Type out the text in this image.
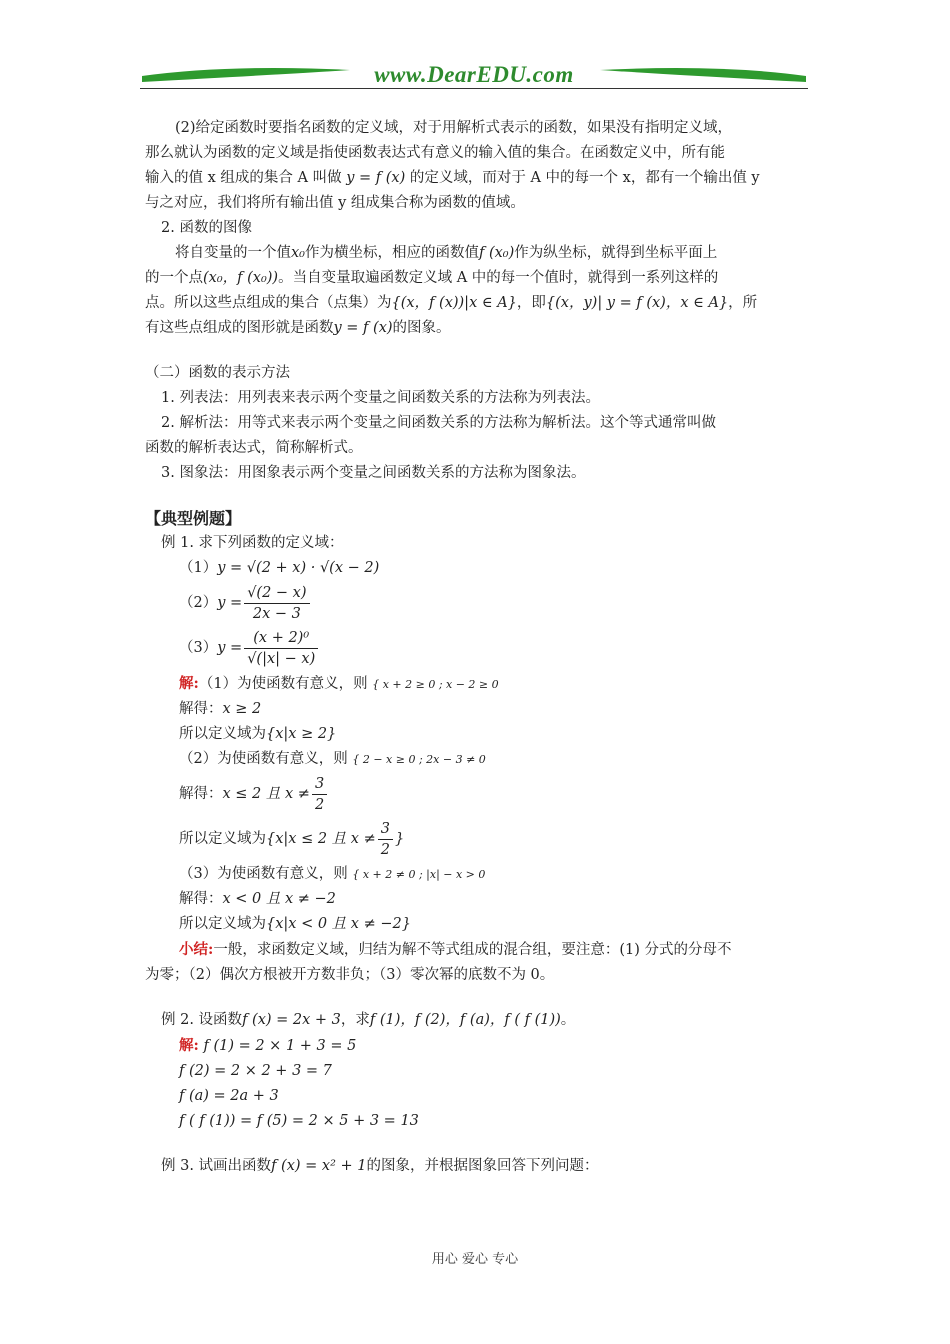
www.DearEDU.com

(2)给定函数时要指名函数的定义域，对于用解析式表示的函数，如果没有指明定义域，

那么就认为函数的定义域是指使函数表达式有意义的输入值的集合。在函数定义中，所有能

输入的值 x 组成的集合 A 叫做 y = f (x) 的定义域，而对于 A 中的每一个 x，都有一个输出值 y

与之对应，我们将所有输出值 y 组成集合称为函数的值域。

2. 函数的图像

将自变量的一个值x₀作为横坐标，相应的函数值f (x₀)作为纵坐标，就得到坐标平面上

的一个点(x₀，f (x₀))。当自变量取遍函数定义域 A 中的每一个值时，就得到一系列这样的

点。所以这些点组成的集合（点集）为{(x，f (x))|x ∈ A}，即{(x，y)| y = f (x)，x ∈ A}，所

有这些点组成的图形就是函数y = f (x)的图象。

（二）函数的表示方法

1. 列表法：用列表来表示两个变量之间函数关系的方法称为列表法。

2. 解析法：用等式来表示两个变量之间函数关系的方法称为解析法。这个等式通常叫做

函数的解析表达式，简称解析式。

3. 图象法：用图象表示两个变量之间函数关系的方法称为图象法。

【典型例题】

例 1. 求下列函数的定义域：

（1）y = √(2 + x) · √(x − 2)

$(2)y = \frac{√(2 - x)}{2x - 3}$

$(3)y = \frac{\text{(x + 2)⁰}}{√(|x| - x)}$

解:（1）为使函数有意义，则 { x + 2 ≥ 0 ; x − 2 ≥ 0

解得：x ≥ 2

所以定义域为{x|x ≥ 2}

（2）为使函数有意义，则 { 2 − x ≥ 0 ; 2x − 3 ≠ 0

解得：x ≤ 2 且 $x \ne \frac{3}{2}$

所以定义域为{x|x ≤ 2 且 $x \ne \frac{3}{2}$ }

（3）为使函数有意义，则 { x + 2 ≠ 0 ; |x| − x > 0

解得：x < 0 且 x ≠ −2

所以定义域为{x|x < 0 且 x ≠ −2}

小结:一般，求函数定义域，归结为解不等式组成的混合组，要注意：(1) 分式的分母不

为零；（2）偶次方根被开方数非负；（3）零次幂的底数不为 0。

例 2. 设函数f (x) = 2x + 3，求f (1)，f (2)，f (a)，f ( f (1))。

解: f (1) = 2 × 1 + 3 = 5

f (2) = 2 × 2 + 3 = 7

f (a) = 2a + 3

f ( f (1)) = f (5) = 2 × 5 + 3 = 13

例 3. 试画出函数f (x) = x² + 1的图象，并根据图象回答下列问题：

用心 爱心 专心
